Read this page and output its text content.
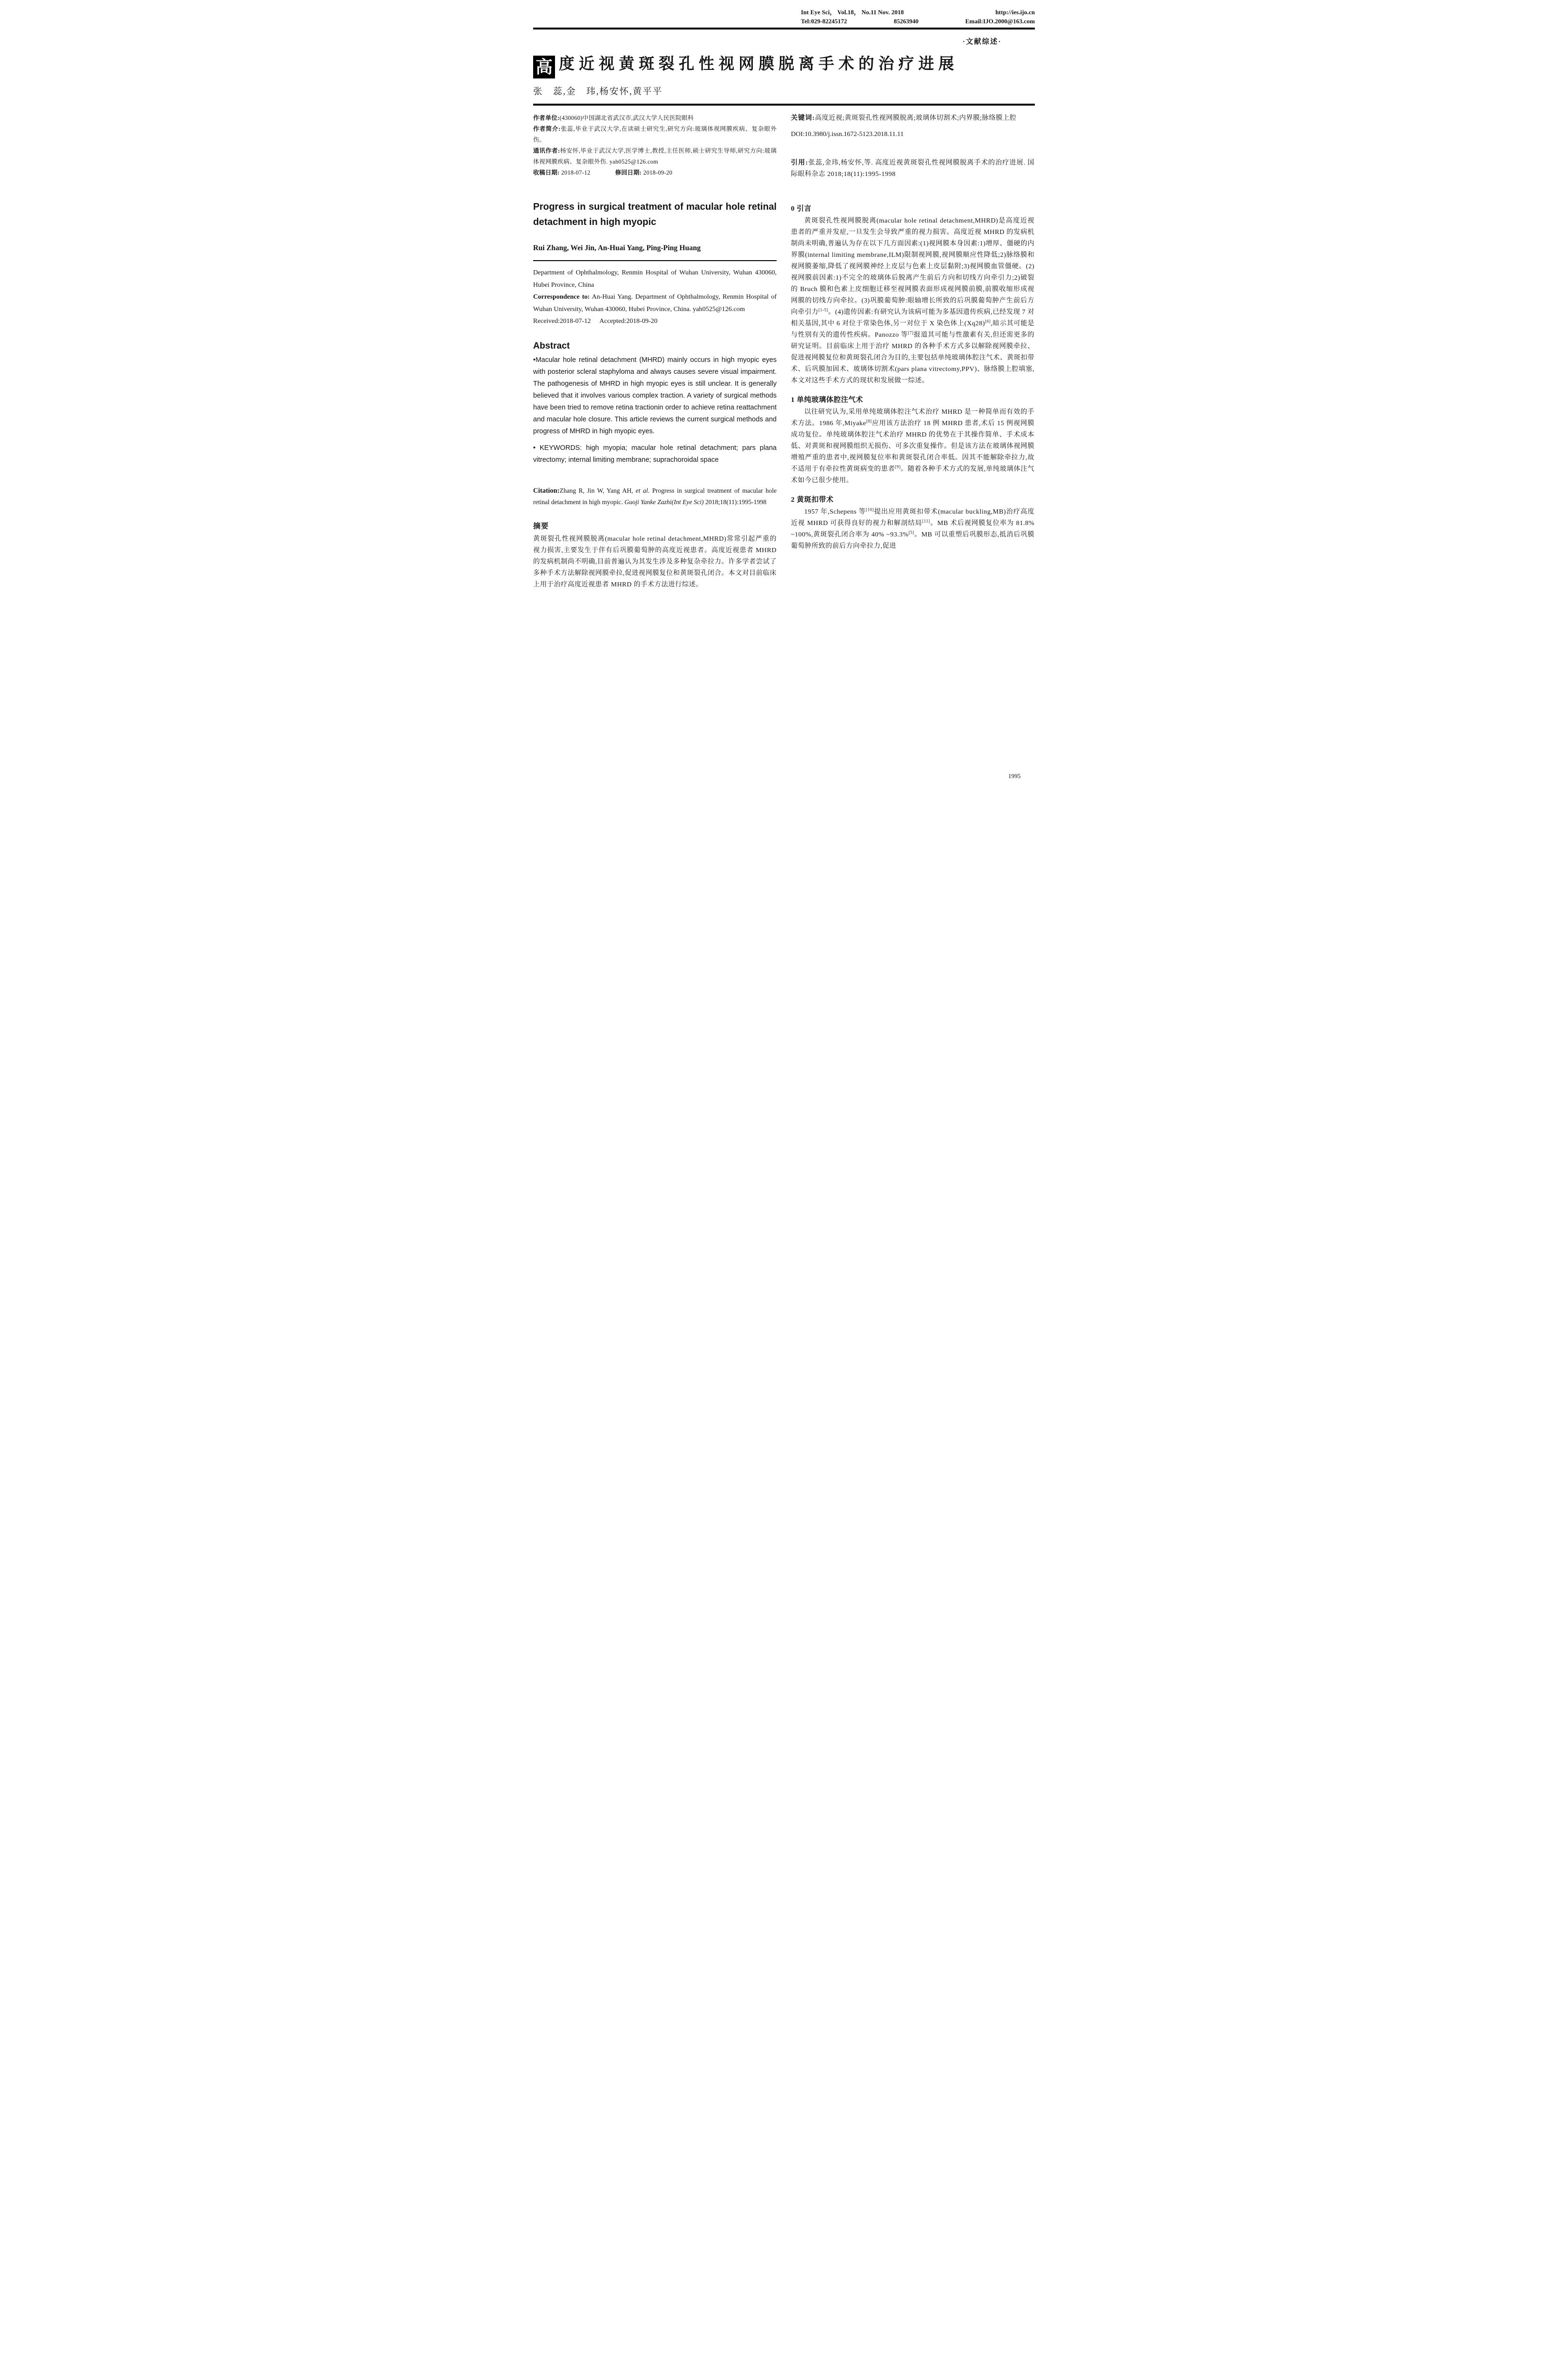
Int Eye Sci， Vol.18， No.11 Nov. 2018	http://ies.ijo.cn
Tel:029-82245172	85263940	Email:IJO.2000@163.com
·文献综述·
高 度近视黄斑裂孔性视网膜脱离手术的治疗进展
张　蕊,金　玮,杨安怀,黄平平

作者单位:(430060)中国湖北省武汉市,武汉大学人民医院眼科

作者简介:张蕊,毕业于武汉大学,在读硕士研究生,研究方向:玻璃体视网膜疾病、复杂眼外伤。

通讯作者:杨安怀,毕业于武汉大学,医学博士,教授,主任医师,硕士研究生导师,研究方向:玻璃体视网膜疾病、复杂眼外伤. yah0525@126.com

收稿日期: 2018-07-12	修回日期: 2018-09-20

Progress in surgical treatment of macular hole retinal detachment in high myopic
Rui Zhang, Wei Jin, An-Huai Yang, Ping-Ping Huang

Department of Ophthalmology, Renmin Hospital of Wuhan University, Wuhan 430060, Hubei Province, China

Correspondence to: An-Huai Yang. Department of Ophthalmology, Renmin Hospital of Wuhan University, Wuhan 430060, Hubei Province, China. yah0525@126.com

Received:2018-07-12 Accepted:2018-09-20

Abstract

•Macular hole retinal detachment (MHRD) mainly occurs in high myopic eyes with posterior scleral staphyloma and always causes severe visual impairment. The pathogenesis of MHRD in high myopic eyes is still unclear. It is generally believed that it involves various complex traction. A variety of surgical methods have been tried to remove retina tractionin order to achieve retina reattachment and macular hole closure. This article reviews the current surgical methods and progress of MHRD in high myopic eyes.

• KEYWORDS: high myopia; macular hole retinal detachment; pars plana vitrectomy; internal limiting membrane; suprachoroidal space

Citation:Zhang R, Jin W, Yang AH, et al. Progress in surgical treatment of macular hole retinal detachment in high myopic. Guoji Yanke Zazhi(Int Eye Sci) 2018;18(11):1995-1998

摘要

黄斑裂孔性视网膜脱离(macular hole retinal detachment,MHRD)常常引起严重的视力损害,主要发生于伴有后巩膜葡萄肿的高度近视患者。高度近视患者 MHRD 的发病机制尚不明确,目前普遍认为其发生涉及多种复杂牵拉力。许多学者尝试了多种手术方法解除视网膜牵拉,促进视网膜复位和黄斑裂孔闭合。本文对目前临床上用于治疗高度近视患者 MHRD 的手术方法进行综述。

关键词:高度近视;黄斑裂孔性视网膜脱离;玻璃体切割术;内界膜;脉络膜上腔

DOI:10.3980/j.issn.1672-5123.2018.11.11

引用:张蕊,金玮,杨安怀,等. 高度近视黄斑裂孔性视网膜脱离手术的治疗进展. 国际眼科杂志 2018;18(11):1995-1998

0 引言

黄斑裂孔性视网膜脱离(macular hole retinal detachment,MHRD)是高度近视患者的严重并发症,一旦发生会导致严重的视力损害。高度近视 MHRD 的发病机制尚未明确,普遍认为存在以下几方面因素:(1)视网膜本身因素:1)增厚、僵硬的内界膜(internal limiting membrane,ILM)限制视网膜,视网膜顺应性降低;2)脉络膜和视网膜萎缩,降低了视网膜神经上皮层与色素上皮层黏附;3)视网膜血管僵硬。(2)视网膜前因素:1)不完全的玻璃体后脱离产生前后方向和切线方向牵引力;2)破裂的 Bruch 膜和色素上皮细胞迁移至视网膜表面形成视网膜前膜,前膜收缩形成视网膜的切线方向牵拉。(3)巩膜葡萄肿:眼轴增长所致的后巩膜葡萄肿产生前后方向牵引力[1-5]。(4)遗传因素:有研究认为该病可能为多基因遗传疾病,已经发现 7 对相关基因,其中 6 对位于常染色体,另一对位于 X 染色体上(Xq28)[6],暗示其可能是与性别有关的遗传性疾病。Panozzo 等[7]报道其可能与性激素有关,但还需更多的研究证明。目前临床上用于治疗 MHRD 的各种手术方式多以解除视网膜牵拉、促进视网膜复位和黄斑裂孔闭合为目的,主要包括单纯玻璃体腔注气术、黄斑扣带术、后巩膜加固术、玻璃体切割术(pars plana vitrectomy,PPV)、脉络膜上腔填塞,本文对这些手术方式的现状和发展做一综述。

1 单纯玻璃体腔注气术

以往研究认为,采用单纯玻璃体腔注气术治疗 MHRD 是一种简单而有效的手术方法。1986 年,Miyake[8]应用该方法治疗 18 例 MHRD 患者,术后 15 例视网膜成功复位。单纯玻璃体腔注气术治疗 MHRD 的优势在于其操作简单、手术成本低、对黄斑和视网膜组织无损伤、可多次重复操作。但是该方法在玻璃体视网膜增殖严重的患者中,视网膜复位率和黄斑裂孔闭合率低。因其不能解除牵拉力,故不适用于有牵拉性黄斑病变的患者[9]。随着各种手术方式的发展,单纯玻璃体注气术如今已很少使用。

2 黄斑扣带术

1957 年,Schepens 等[10]提出应用黄斑扣带术(macular buckling,MB)治疗高度近视 MHRD 可获得良好的视力和解剖结局[11]。MB 术后视网膜复位率为 81.8% ~100%,黄斑裂孔闭合率为 40% ~93.3%[5]。MB 可以重塑后巩膜形态,抵消后巩膜葡萄肿所致的前后方向牵拉力,促进

1995
